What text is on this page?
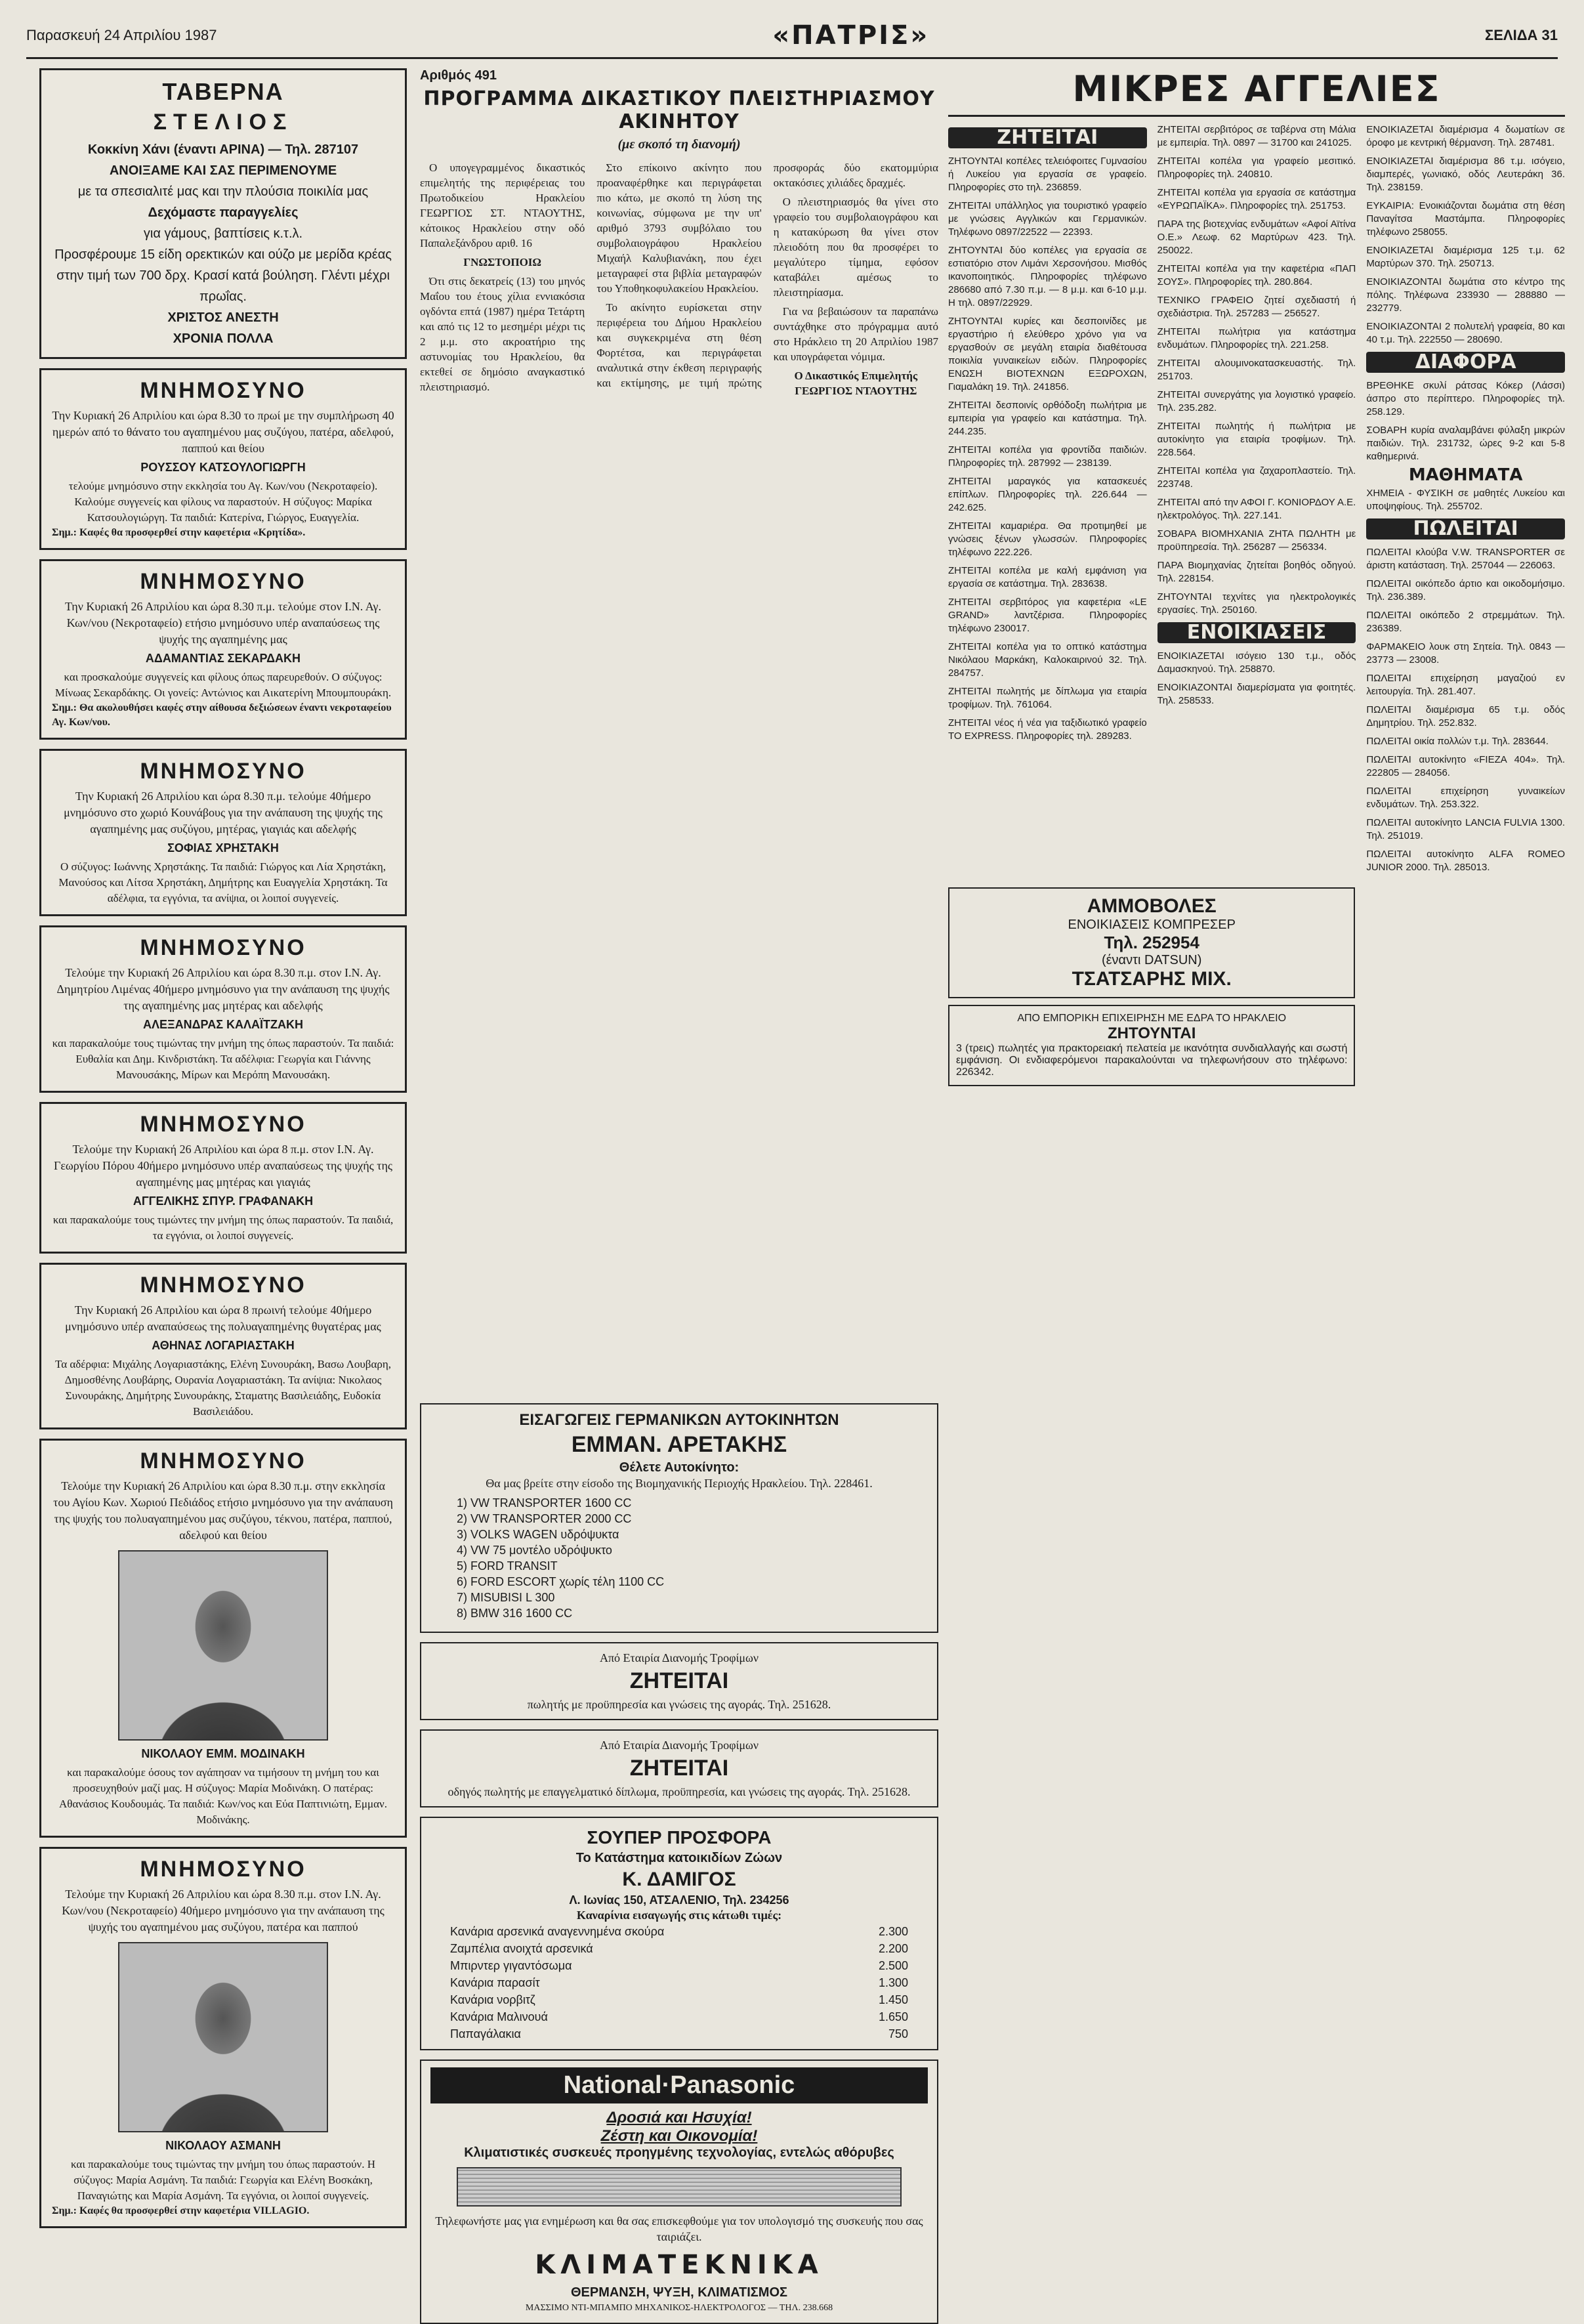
Παρασκευή 24 Απριλίου 1987	«ΠΑΤΡΙΣ»	ΣΕΛΙΔΑ 31
ΤΑΒΕΡΝΑ
ΣΤΕΛΙΟΣ
Κοκκίνη Χάνι (έναντι ΑΡΙΝΑ) — Τηλ. 287107
ΑΝΟΙΞΑΜΕ ΚΑΙ ΣΑΣ ΠΕΡΙΜΕΝΟΥΜΕ
με τα σπεσιαλιτέ μας και την πλούσια ποικιλία μας
Δεχόμαστε παραγγελίες
για γάμους, βαπτίσεις κ.τ.λ.
Προσφέρουμε 15 είδη ορεκτικών και ούζο με μερίδα κρέας στην τιμή των 700 δρχ. Κρασί κατά βούληση. Γλέντι μέχρι πρωΐας.
ΧΡΙΣΤΟΣ ΑΝΕΣΤΗ
ΧΡΟΝΙΑ ΠΟΛΛΑ
ΜΝΗΜΟΣΥΝΟ
Την Κυριακή 26 Απριλίου και ώρα 8.30 το πρωί με την συμπλήρωση 40 ημερών από το θάνατο του αγαπημένου μας συζύγου, πατέρα, αδελφού, παππού και θείου
ΡΟΥΣΣΟΥ ΚΑΤΣΟΥΛΟΓΙΩΡΓΗ
τελούμε μνημόσυνο στην εκκλησία του Αγ. Κων/νου (Νεκροταφείο). Καλούμε συγγενείς και φίλους να παραστούν. Η σύζυγος: Μαρίκα Κατσουλογιώργη. Τα παιδιά: Κατερίνα, Γιώργος, Ευαγγελία.
Σημ.: Καφές θα προσφερθεί στην καφετέρια «Κρητίδα».
ΜΝΗΜΟΣΥΝΟ
Την Κυριακή 26 Απριλίου και ώρα 8.30 π.μ. τελούμε στον Ι.Ν. Αγ. Κων/νου (Νεκροταφείο) ετήσιο μνημόσυνο υπέρ αναπαύσεως της ψυχής της αγαπημένης μας
ΑΔΑΜΑΝΤΙΑΣ ΣΕΚΑΡΔΑΚΗ
και προσκαλούμε συγγενείς και φίλους όπως παρευρεθούν. Ο σύζυγος: Μίνωας Σεκαρδάκης. Οι γονείς: Αντώνιος και Αικατερίνη Μπουμπουράκη.
Σημ.: Θα ακολουθήσει καφές στην αίθουσα δεξιώσεων έναντι νεκροταφείου Αγ. Κων/νου.
ΜΝΗΜΟΣΥΝΟ
Την Κυριακή 26 Απριλίου και ώρα 8.30 π.μ. τελούμε 40ήμερο μνημόσυνο στο χωριό Κουνάβους για την ανάπαυση της ψυχής της αγαπημένης μας συζύγου, μητέρας, γιαγιάς και αδελφής
ΣΟΦΙΑΣ ΧΡΗΣΤΑΚΗ
Ο σύζυγος: Ιωάννης Χρηστάκης. Τα παιδιά: Γιώργος και Λία Χρηστάκη, Μανούσος και Λίτσα Χρηστάκη, Δημήτρης και Ευαγγελία Χρηστάκη. Τα αδέλφια, τα εγγόνια, τα ανίψια, οι λοιποί συγγενείς.
ΜΝΗΜΟΣΥΝΟ
Τελούμε την Κυριακή 26 Απριλίου και ώρα 8.30 π.μ. στον Ι.Ν. Αγ. Δημητρίου Λιμένας 40ήμερο μνημόσυνο για την ανάπαυση της ψυχής της αγαπημένης μας μητέρας και αδελφής
ΑΛΕΞΑΝΔΡΑΣ ΚΑΛΑΪΤΖΑΚΗ
και παρακαλούμε τους τιμώντας την μνήμη της όπως παραστούν. Τα παιδιά: Ευθαλία και Δημ. Κινδριστάκη. Τα αδέλφια: Γεωργία και Γιάννης Μανουσάκης, Μίρων και Μερόπη Μανουσάκη.
ΜΝΗΜΟΣΥΝΟ
Τελούμε την Κυριακή 26 Απριλίου και ώρα 8 π.μ. στον Ι.Ν. Αγ. Γεωργίου Πόρου 40ήμερο μνημόσυνο υπέρ αναπαύσεως της ψυχής της αγαπημένης μας μητέρας και γιαγιάς
ΑΓΓΕΛΙΚΗΣ ΣΠΥΡ. ΓΡΑΦΑΝΑΚΗ
και παρακαλούμε τους τιμώντες την μνήμη της όπως παραστούν. Τα παιδιά, τα εγγόνια, οι λοιποί συγγενείς.
ΜΝΗΜΟΣΥΝΟ
Την Κυριακή 26 Απριλίου και ώρα 8 πρωινή τελούμε 40ήμερο μνημόσυνο υπέρ αναπαύσεως της πολυαγαπημένης θυγατέρας μας
ΑΘΗΝΑΣ ΛΟΓΑΡΙΑΣΤΑΚΗ
Τα αδέρφια: Μιχάλης Λογαριαστάκης, Ελένη Συνουράκη, Βασω Λουβαρη, Δημοσθένης Λουβάρης, Ουρανία Λογαριαστάκη. Τα ανίψια: Νικολαος Συνουράκης, Δημήτρης Συνουράκης, Σταματης Βασιλειάδης, Ευδοκία Βασιλειάδου.
ΜΝΗΜΟΣΥΝΟ
Τελούμε την Κυριακή 26 Απριλίου και ώρα 8.30 π.μ. στην εκκλησία του Αγίου Κων. Χωριού Πεδιάδος ετήσιο μνημόσυνο για την ανάπαυση της ψυχής του πολυαγαπημένου μας συζύγου, τέκνου, πατέρα, παππού, αδελφού και θείου
ΝΙΚΟΛΑΟΥ ΕΜΜ. ΜΟΔΙΝΑΚΗ
και παρακαλούμε όσους τον αγάπησαν να τιμήσουν τη μνήμη του και προσευχηθούν μαζί μας. Η σύζυγος: Μαρία Μοδινάκη. Ο πατέρας: Αθανάσιος Κουδουμάς. Τα παιδιά: Κων/νος και Εύα Παπτινιώτη, Εμμαν. Μοδινάκης.
ΜΝΗΜΟΣΥΝΟ
Τελούμε την Κυριακή 26 Απριλίου και ώρα 8.30 π.μ. στον Ι.Ν. Αγ. Κων/νου (Νεκροταφείο) 40ήμερο μνημόσυνο για την ανάπαυση της ψυχής του αγαπημένου μας συζύγου, πατέρα και παππού
ΝΙΚΟΛΑΟΥ ΑΣΜΑΝΗ
και παρακαλούμε τους τιμώντας την μνήμη του όπως παραστούν. Η σύζυγος: Μαρία Ασμάνη. Τα παιδιά: Γεωργία και Ελένη Βοσκάκη, Παναγιώτης και Μαρία Ασμάνη. Τα εγγόνια, οι λοιποί συγγενείς.
Σημ.: Καφές θα προσφερθεί στην καφετέρια VILLAGIO.
Αριθμός 491
ΠΡΟΓΡΑΜΜΑ ΔΙΚΑΣΤΙΚΟΥ ΠΛΕΙΣΤΗΡΙΑΣΜΟΥ ΑΚΙΝΗΤΟΥ
(με σκοπό τη διανομή)

Ο υπογεγραμμένος δικαστικός επιμελητής της περιφέρειας του Πρωτοδικείου Ηρακλείου ΓΕΩΡΓΙΟΣ ΣΤ. ΝΤΑΟΥΤΗΣ, κάτοικος Ηρακλείου στην οδό Παπαλεξάνδρου αριθ. 16

ΓΝΩΣΤΟΠΟΙΩ

Ότι στις δεκατρείς (13) του μηνός Μαΐου του έτους χίλια εννιακόσια ογδόντα επτά (1987) ημέρα Τετάρτη και από τις 12 το μεσημέρι μέχρι τις 2 μ.μ. στο ακροατήριο της αστυνομίας του Ηρακλείου, θα εκτεθεί σε δημόσιο αναγκαστικό πλειστηριασμό.

Στο επίκοινο ακίνητο που προαναφέρθηκε και περιγράφεται πιο κάτω, με σκοπό τη λύση της κοινωνίας, σύμφωνα με την υπ' αριθμό 3793 συμβόλαιο του συμβολαιογράφου Ηρακλείου Μιχαήλ Καλυβιανάκη, που έχει μεταγραφεί στα βιβλία μεταγραφών του Υποθηκοφυλακείου Ηρακλείου.

Το ακίνητο ευρίσκεται στην περιφέρεια του Δήμου Ηρακλείου και συγκεκριμένα στη θέση Φορτέτσα, και περιγράφεται αναλυτικά στην έκθεση περιγραφής και εκτίμησης, με τιμή πρώτης προσφοράς δύο εκατομμύρια οκτακόσιες χιλιάδες δραχμές.

Ο πλειστηριασμός θα γίνει στο γραφείο του συμβολαιογράφου και η κατακύρωση θα γίνει στον πλειοδότη που θα προσφέρει το μεγαλύτερο τίμημα, εφόσον καταβάλει αμέσως το πλειστηρίασμα.

Για να βεβαιώσουν τα παραπάνω συντάχθηκε στο πρόγραμμα αυτό στο Ηράκλειο τη 20 Απριλίου 1987 και υπογράφεται νόμιμα.

Ο Δικαστικός Επιμελητής ΓΕΩΡΓΙΟΣ ΝΤΑΟΥΤΗΣ

ΕΙΣΑΓΩΓΕΙΣ ΓΕΡΜΑΝΙΚΩΝ ΑΥΤΟΚΙΝΗΤΩΝ
ΕΜΜΑΝ. ΑΡΕΤΑΚΗΣ
Θέλετε Αυτοκίνητο:
Θα μας βρείτε στην είσοδο της Βιομηχανικής Περιοχής Ηρακλείου. Τηλ. 228461.
1) VW TRANSPORTER 1600 CC
2) VW TRANSPORTER 2000 CC
3) VOLKS WAGEN υδρόψυκτα
4) VW 75 μοντέλο υδρόψυκτο
5) FORD TRANSIT
6) FORD ESCORT χωρίς τέλη 1100 CC
7) MISUBISI L 300
8) BMW 316 1600 CC
Από Εταιρία Διανομής Τροφίμων
ΖΗΤΕΙΤΑΙ
πωλητής με προϋπηρεσία και γνώσεις της αγοράς. Τηλ. 251628.
Από Εταιρία Διανομής Τροφίμων
ΖΗΤΕΙΤΑΙ
οδηγός πωλητής με επαγγελματικό δίπλωμα, προϋπηρεσία, και γνώσεις της αγοράς. Τηλ. 251628.
ΣΟΥΠΕΡ ΠΡΟΣΦΟΡΑ
Το Κατάστημα κατοικιδίων Ζώων
Κ. ΔΑΜΙΓΟΣ
Λ. Ιωνίας 150, ΑΤΣΑΛΕΝΙΟ, Τηλ. 234256
Καναρίνια εισαγωγής στις κάτωθι τιμές:
Κανάρια αρσενικά αναγεννημένα σκούρα	2.300
Ζαμπέλια ανοιχτά αρσενικά	2.200
Μπιρντερ γιγαντόσωμα	2.500
Κανάρια παρασίτ	1.300
Κανάρια νορβιτζ	1.450
Κανάρια Μαλινουά	1.650
Παπαγάλακια	750
National·Panasonic
Δροσιά και Ησυχία!
Ζέστη και Οικονομία!
Κλιματιστικές συσκευές προηγμένης τεχνολογίας, εντελώς αθόρυβες
Τηλεφωνήστε μας για ενημέρωση και θα σας επισκεφθούμε για τον υπολογισμό της συσκευής που σας ταιριάζει.
ΚΛΙΜΑΤΕΚΝΙΚΑ
ΘΕΡΜΑΝΣΗ, ΨΥΞΗ, ΚΛΙΜΑΤΙΣΜΟΣ
ΜΑΣΣΙΜΟ ΝΤΙ-ΜΠΑΜΠΟ ΜΗΧΑΝΙΚΟΣ-ΗΛΕΚΤΡΟΛΟΓΟΣ — ΤΗΛ. 238.668
ΜΙΚΡΕΣ ΑΓΓΕΛΙΕΣ
ΖΗΤΕΙΤΑΙ

ΖΗΤΟΥΝΤΑΙ κοπέλες τελειόφοιτες Γυμνασίου ή Λυκείου για εργασία σε γραφείο. Πληροφορίες στο τηλ. 236859.

ΖΗΤΕΙΤΑΙ υπάλληλος για τουριστικό γραφείο με γνώσεις Αγγλικών και Γερμανικών. Τηλέφωνο 0897/22522 — 22393.

ΖΗΤΟΥΝΤΑΙ δύο κοπέλες για εργασία σε εστιατόριο στον Λιμάνι Χερσονήσου. Μισθός ικανοποιητικός. Πληροφορίες τηλέφωνο 286680 από 7.30 π.μ. — 8 μ.μ. και 6-10 μ.μ. Η τηλ. 0897/22929.

ΖΗΤΟΥΝΤΑΙ κυρίες και δεσποινίδες με εργαστήριο ή ελεύθερο χρόνο για να εργασθούν σε μεγάλη εταιρία διαθέτουσα ποικιλία γυναικείων ειδών. Πληροφορίες ΕΝΩΣΗ ΒΙΟΤΕΧΝΩΝ ΕΞΩΡΟΧΩΝ, Γιαμαλάκη 19. Τηλ. 241856.

ΖΗΤΕΙΤΑΙ δεσποινίς ορθόδοξη πωλήτρια με εμπειρία για γραφείο και κατάστημα. Τηλ. 244.235.

ΖΗΤΕΙΤΑΙ κοπέλα για φροντίδα παιδιών. Πληροφορίες τηλ. 287992 — 238139.

ΖΗΤΕΙΤΑΙ μαραγκός για κατασκευές επίπλων. Πληροφορίες τηλ. 226.644 — 242.625.

ΖΗΤΕΙΤΑΙ καμαριέρα. Θα προτιμηθεί με γνώσεις ξένων γλωσσών. Πληροφορίες τηλέφωνο 222.226.

ΖΗΤΕΙΤΑΙ κοπέλα με καλή εμφάνιση για εργασία σε κατάστημα. Τηλ. 283638.

ΖΗΤΕΙΤΑΙ σερβιτόρος για καφετέρια «LE GRAND» λαντζέρισα. Πληροφορίες τηλέφωνο 230017.

ΖΗΤΕΙΤΑΙ κοπέλα για το οπτικό κατάστημα Νικόλαου Μαρκάκη, Καλοκαιρινού 32. Τηλ. 284757.

ΖΗΤΕΙΤΑΙ πωλητής με δίπλωμα για εταιρία τροφίμων. Τηλ. 761064.

ΖΗΤΕΙΤΑΙ νέος ή νέα για ταξιδιωτικό γραφείο TO EXPRESS. Πληροφορίες τηλ. 289283.

ΖΗΤΕΙΤΑΙ σερβιτόρος σε ταβέρνα στη Μάλια με εμπειρία. Τηλ. 0897 — 31700 και 241025.

ΖΗΤΕΙΤΑΙ κοπέλα για γραφείο μεσιτικό. Πληροφορίες τηλ. 240810.

ΖΗΤΕΙΤΑΙ κοπέλα για εργασία σε κατάστημα «ΕΥΡΩΠΑΪΚΑ». Πληροφορίες τηλ. 251753.

ΠΑΡΑ της βιοτεχνίας ενδυμάτων «Αφοί Αϊτίνα Ο.Ε.» Λεωφ. 62 Μαρτύρων 423. Τηλ. 250022.

ΖΗΤΕΙΤΑΙ κοπέλα για την καφετέρια «ΠΑΠ ΣΟΥΣ». Πληροφορίες τηλ. 280.864.

ΤΕΧΝΙΚΟ ΓΡΑΦΕΙΟ ζητεί σχεδιαστή ή σχεδιάστρια. Τηλ. 257283 — 256527.

ΖΗΤΕΙΤΑΙ πωλήτρια για κατάστημα ενδυμάτων. Πληροφορίες τηλ. 221.258.

ΖΗΤΕΙΤΑΙ αλουμινοκατασκευαστής. Τηλ. 251703.

ΖΗΤΕΙΤΑΙ συνεργάτης για λογιστικό γραφείο. Τηλ. 235.282.

ΖΗΤΕΙΤΑΙ πωλητής ή πωλήτρια με αυτοκίνητο για εταιρία τροφίμων. Τηλ. 228.564.

ΖΗΤΕΙΤΑΙ κοπέλα για ζαχαροπλαστείο. Τηλ. 223748.

ΖΗΤΕΙΤΑΙ από την ΑΦΟΙ Γ. ΚΟΝΙΟΡΔΟΥ Α.Ε. ηλεκτρολόγος. Τηλ. 227.141.

ΣΟΒΑΡΑ ΒΙΟΜΗΧΑΝΙΑ ΖΗΤΑ ΠΩΛΗΤΗ με προϋπηρεσία. Τηλ. 256287 — 256334.

ΠΑΡΑ Βιομηχανίας ζητείται βοηθός οδηγού. Τηλ. 228154.

ΖΗΤΟΥΝΤΑΙ τεχνίτες για ηλεκτρολογικές εργασίες. Τηλ. 250160.

ΕΝΟΙΚΙΑΣΕΙΣ

ΕΝΟΙΚΙΑΖΕΤΑΙ ισόγειο 130 τ.μ., οδός Δαμασκηνού. Τηλ. 258870.

ΕΝΟΙΚΙΑΖΟΝΤΑΙ διαμερίσματα για φοιτητές. Τηλ. 258533.

ΕΝΟΙΚΙΑΖΕΤΑΙ διαμέρισμα 4 δωματίων σε όροφο με κεντρική θέρμανση. Τηλ. 287481.

ΕΝΟΙΚΙΑΖΕΤΑΙ διαμέρισμα 86 τ.μ. ισόγειο, διαμπερές, γωνιακό, οδός Λευτεράκη 36. Τηλ. 238159.

ΕΥΚΑΙΡΙΑ: Ενοικιάζονται δωμάτια στη θέση Παναγίτσα Μαστάμπα. Πληροφορίες τηλέφωνο 258055.

ΕΝΟΙΚΙΑΖΕΤΑΙ διαμέρισμα 125 τ.μ. 62 Μαρτύρων 370. Τηλ. 250713.

ΕΝΟΙΚΙΑΖΟΝΤΑΙ δωμάτια στο κέντρο της πόλης. Τηλέφωνα 233930 — 288880 — 232779.

ΕΝΟΙΚΙΑΖΟΝΤΑΙ 2 πολυτελή γραφεία, 80 και 40 τ.μ. Τηλ. 222550 — 280690.

ΔΙΑΦΟΡΑ

ΒΡΕΘΗΚΕ σκυλί ράτσας Κόκερ (Λάσσι) άσπρο στο περίπτερο. Πληροφορίες τηλ. 258.129.

ΣΟΒΑΡΗ κυρία αναλαμβάνει φύλαξη μικρών παιδιών. Τηλ. 231732, ώρες 9-2 και 5-8 καθημερινά.

ΜΑΘΗΜΑΤΑ

ΧΗΜΕΙΑ - ΦΥΣΙΚΗ σε μαθητές Λυκείου και υποψηφίους. Τηλ. 255702.

ΠΩΛΕΙΤΑΙ

ΠΩΛΕΙΤΑΙ κλούβα V.W. TRANSPORTER σε άριστη κατάσταση. Τηλ. 257044 — 226063.

ΠΩΛΕΙΤΑΙ οικόπεδο άρτιο και οικοδομήσιμο. Τηλ. 236.389.

ΠΩΛΕΙΤΑΙ οικόπεδο 2 στρεμμάτων. Τηλ. 236389.

ΦΑΡΜΑΚΕΙΟ λουκ στη Σητεία. Τηλ. 0843 — 23773 — 23008.

ΠΩΛΕΙΤΑΙ επιχείρηση μαγαζιού εν λειτουργία. Τηλ. 281.407.

ΠΩΛΕΙΤΑΙ διαμέρισμα 65 τ.μ. οδός Δημητρίου. Τηλ. 252.832.

ΠΩΛΕΙΤΑΙ οικία πολλών τ.μ. Τηλ. 283644.

ΠΩΛΕΙΤΑΙ αυτοκίνητο «FIEZA 404». Τηλ. 222805 — 284056.

ΠΩΛΕΙΤΑΙ επιχείρηση γυναικείων ενδυμάτων. Τηλ. 253.322.

ΠΩΛΕΙΤΑΙ αυτοκίνητο LANCIA FULVIA 1300. Τηλ. 251019.

ΠΩΛΕΙΤΑΙ αυτοκίνητο ALFA ROMEO JUNIOR 2000. Τηλ. 285013.

ΑΜΜΟΒΟΛΕΣ
ΕΝΟΙΚΙΑΣΕΙΣ ΚΟΜΠΡΕΣΕΡ
Τηλ. 252954
(έναντι DATSUN)
ΤΣΑΤΣΑΡΗΣ ΜΙΧ.
ΑΠΟ ΕΜΠΟΡΙΚΗ ΕΠΙΧΕΙΡΗΣΗ ΜΕ ΕΔΡΑ ΤΟ ΗΡΑΚΛΕΙΟ
ΖΗΤΟΥΝΤΑΙ
3 (τρεις) πωλητές για πρακτορειακή πελατεία με ικανότητα συνδιαλλαγής και σωστή εμφάνιση. Οι ενδιαφερόμενοι παρακαλούνται να τηλεφωνήσουν στο τηλέφωνο: 226342.
